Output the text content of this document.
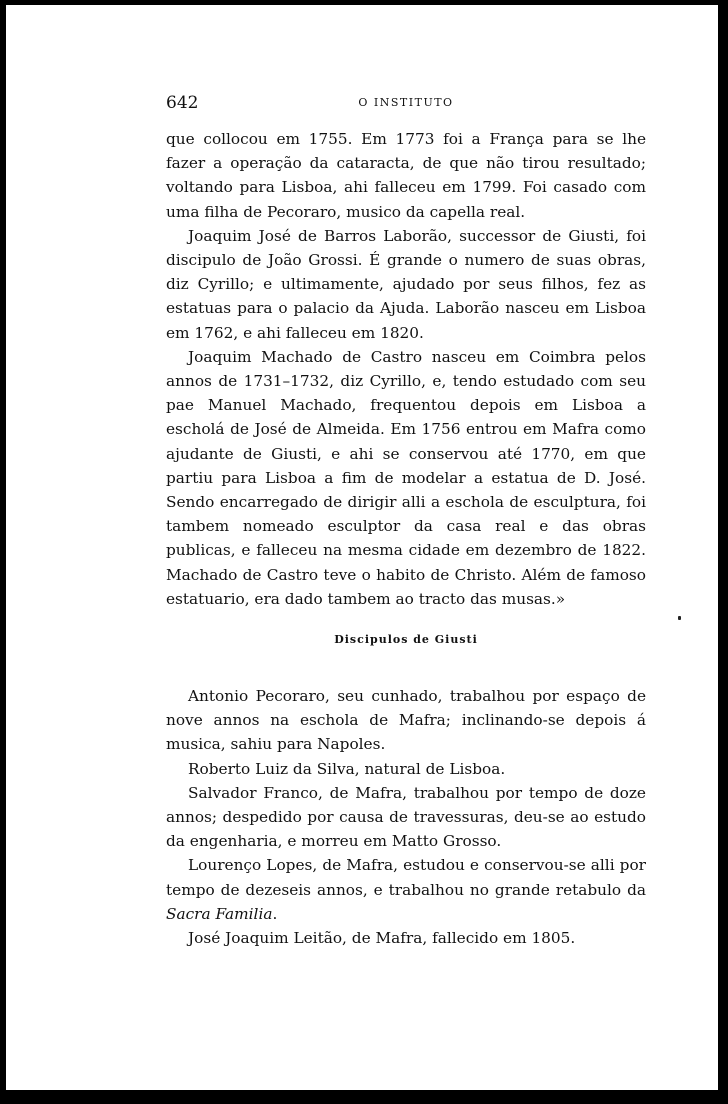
642	O INSTITUTO

que collocou em 1755. Em 1773 foi a França para se lhe fazer a operação da cataracta, de que não tirou resultado; voltando para Lisboa, ahi falleceu em 1799. Foi casado com uma filha de Pecoraro, musico da capella real.

Joaquim José de Barros Laborão, successor de Giusti, foi discipulo de João Grossi. É grande o numero de suas obras, diz Cyrillo; e ultimamente, ajudado por seus filhos, fez as estatuas para o palacio da Ajuda. Laborão nasceu em Lisboa em 1762, e ahi falleceu em 1820.

Joaquim Machado de Castro nasceu em Coimbra pelos annos de 1731–1732, diz Cyrillo, e, tendo estudado com seu pae Manuel Machado, frequentou depois em Lisboa a escholá de José de Almeida. Em 1756 entrou em Mafra como ajudante de Giusti, e ahi se conservou até 1770, em que partiu para Lisboa a fim de modelar a estatua de D. José. Sendo encarregado de dirigir alli a eschola de esculptura, foi tambem nomeado esculptor da casa real e das obras publicas, e falleceu na mesma cidade em dezembro de 1822. Machado de Castro teve o habito de Christo. Além de famoso estatuario, era dado tambem ao tracto das musas.»

Discipulos de Giusti

Antonio Pecoraro, seu cunhado, trabalhou por espaço de nove annos na eschola de Mafra; inclinando-se depois á musica, sahiu para Napoles.

Roberto Luiz da Silva, natural de Lisboa.

Salvador Franco, de Mafra, trabalhou por tempo de doze annos; despedido por causa de travessuras, deu-se ao estudo da engenharia, e morreu em Matto Grosso.

Lourenço Lopes, de Mafra, estudou e conservou-se alli por tempo de dezeseis annos, e trabalhou no grande retabulo da Sacra Familia.

José Joaquim Leitão, de Mafra, fallecido em 1805.
